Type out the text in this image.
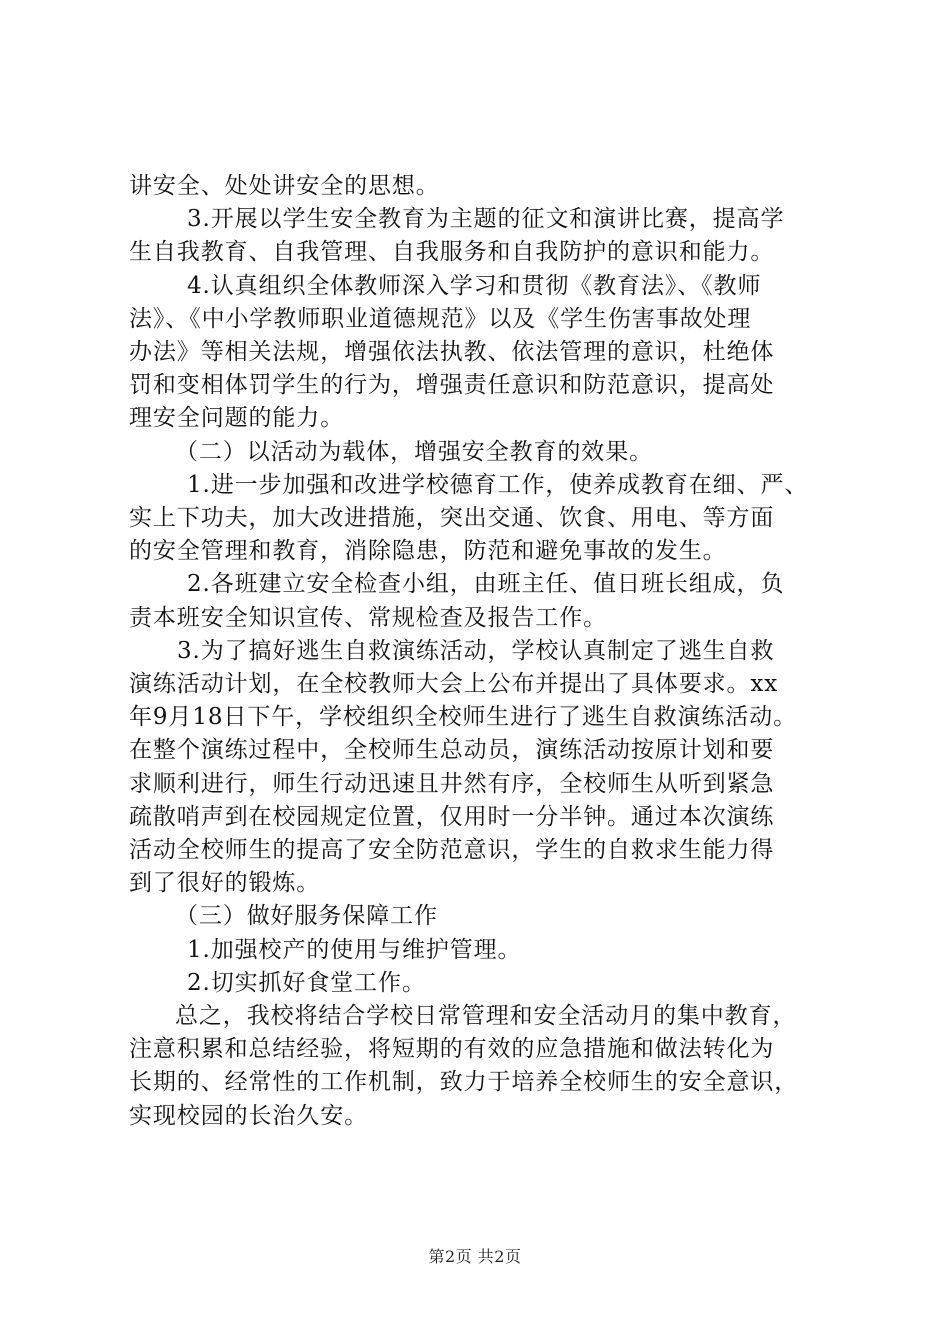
讲安全、处处讲安全的思想。
3.开展以学生安全教育为主题的征文和演讲比赛，提高学
生自我教育、自我管理、自我服务和自我防护的意识和能力。
4.认真组织全体教师深入学习和贯彻《教育法》、《教师
法》、《中小学教师职业道德规范》以及《学生伤害事故处理
办法》等相关法规，增强依法执教、依法管理的意识，杜绝体
罚和变相体罚学生的行为，增强责任意识和防范意识，提高处
理安全问题的能力。
（二）以活动为载体，增强安全教育的效果。
1.进一步加强和改进学校德育工作，使养成教育在细、严、
实上下功夫，加大改进措施，突出交通、饮食、用电、等方面
的安全管理和教育，消除隐患，防范和避免事故的发生。
2.各班建立安全检查小组，由班主任、值日班长组成，负
责本班安全知识宣传、常规检查及报告工作。
3.为了搞好逃生自救演练活动，学校认真制定了逃生自救
演练活动计划，在全校教师大会上公布并提出了具体要求。xx
年9月18日下午，学校组织全校师生进行了逃生自救演练活动。
在整个演练过程中，全校师生总动员，演练活动按原计划和要
求顺利进行，师生行动迅速且井然有序，全校师生从听到紧急
疏散哨声到在校园规定位置，仅用时一分半钟。通过本次演练
活动全校师生的提高了安全防范意识，学生的自救求生能力得
到了很好的锻炼。
（三）做好服务保障工作
1.加强校产的使用与维护管理。
2.切实抓好食堂工作。
总之，我校将结合学校日常管理和安全活动月的集中教育，
注意积累和总结经验，将短期的有效的应急措施和做法转化为
长期的、经常性的工作机制，致力于培养全校师生的安全意识，
实现校园的长治久安。
第2页 共2页
